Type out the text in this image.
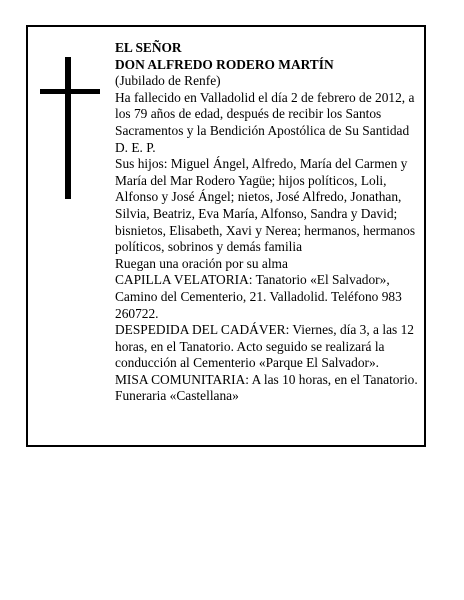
EL SEÑOR

DON ALFREDO RODERO MARTÍN

(Jubilado de Renfe)

Ha fallecido en Valladolid el día 2 de febrero de 2012, a los 79 años de edad, después de recibir los Santos Sacramentos y la Bendición Apostólica de Su Santidad

D. E. P.

Sus hijos: Miguel Ángel, Alfredo, María del Carmen y María del Mar Rodero Yagüe; hijos políticos, Loli, Alfonso y José Ángel; nietos, José Alfredo, Jonathan, Silvia, Beatriz, Eva María, Alfonso, Sandra y David; bisnietos, Elisabeth, Xavi y Nerea; hermanos, hermanos políticos, sobrinos y demás familia

Ruegan una oración por su alma

CAPILLA VELATORIA: Tanatorio «El Salvador», Camino del Cementerio, 21. Valladolid. Teléfono 983 260722.

DESPEDIDA DEL CADÁVER: Viernes, día 3, a las 12 horas, en el Tanatorio. Acto seguido se realizará la conducción al Cementerio «Parque El Salvador».

MISA COMUNITARIA: A las 10 horas, en el Tanatorio.

Funeraria «Castellana»
